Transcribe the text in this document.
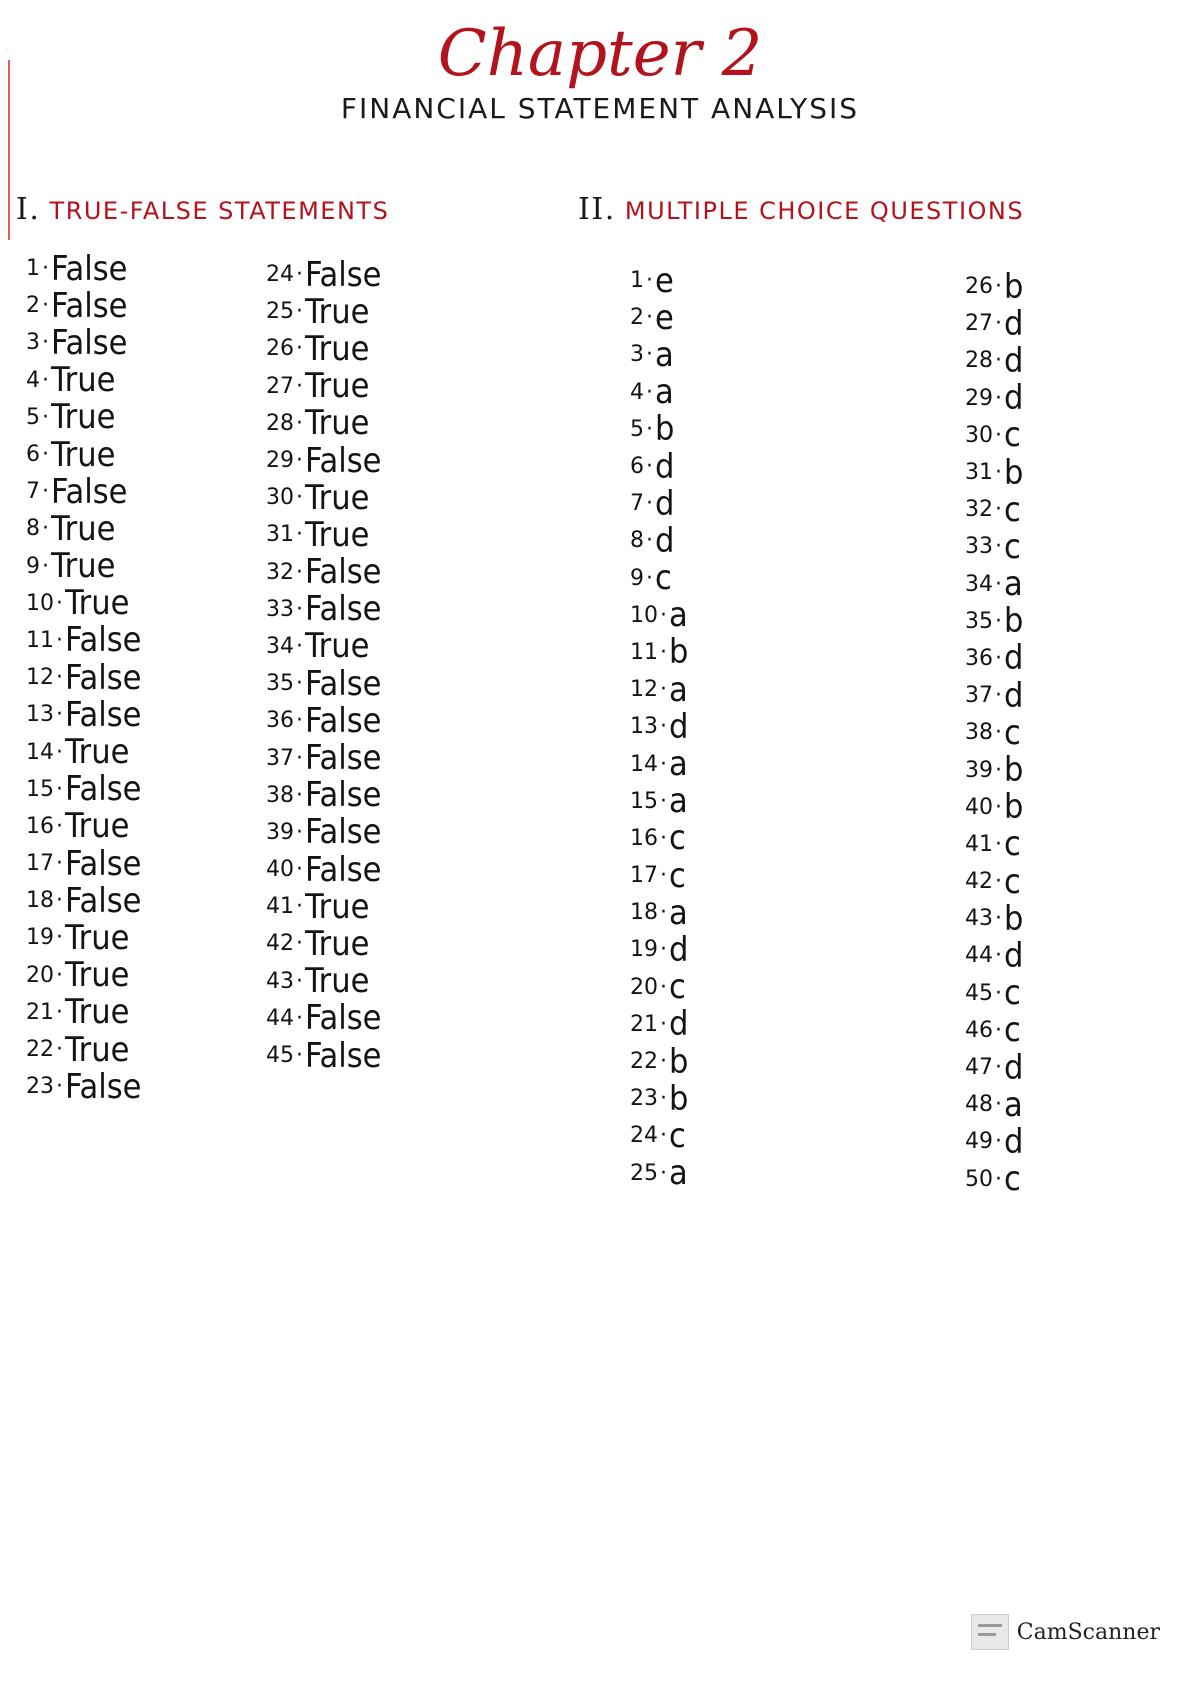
Chapter 2
FINANCIAL STATEMENT ANALYSIS
I. TRUE-FALSE STATEMENTS	II. MULTIPLE CHOICE QUESTIONS
1 · False
2 · False
3 · False
4 · True
5 · True
6 · True
7 · False
8 · True
9 · True
10 · True
11 · False
12 · False
13 · False
14 · True
15 · False
16 · True
17 · False
18 · False
19 · True
20 · True
21 · True
22 · True
23 · False
24 · False
25 · True
26 · True
27 · True
28 · True
29 · False
30 · True
31 · True
32 · False
33 · False
34 · True
35 · False
36 · False
37 · False
38 · False
39 · False
40 · False
41 · True
42 · True
43 · True
44 · False
45 · False
1 · e
2 · e
3 · a
4 · a
5 · b
6 · d
7 · d
8 · d
9 · c
10 · a
11 · b
12 · a
13 · d
14 · a
15 · a
16 · c
17 · c
18 · a
19 · d
20 · c
21 · d
22 · b
23 · b
24 · c
25 · a
26 · b
27 · d
28 · d
29 · d
30 · c
31 · b
32 · c
33 · c
34 · a
35 · b
36 · d
37 · d
38 · c
39 · b
40 · b
41 · c
42 · c
43 · b
44 · d
45 · c
46 · c
47 · d
48 · a
49 · d
50 · c
CamScanner
